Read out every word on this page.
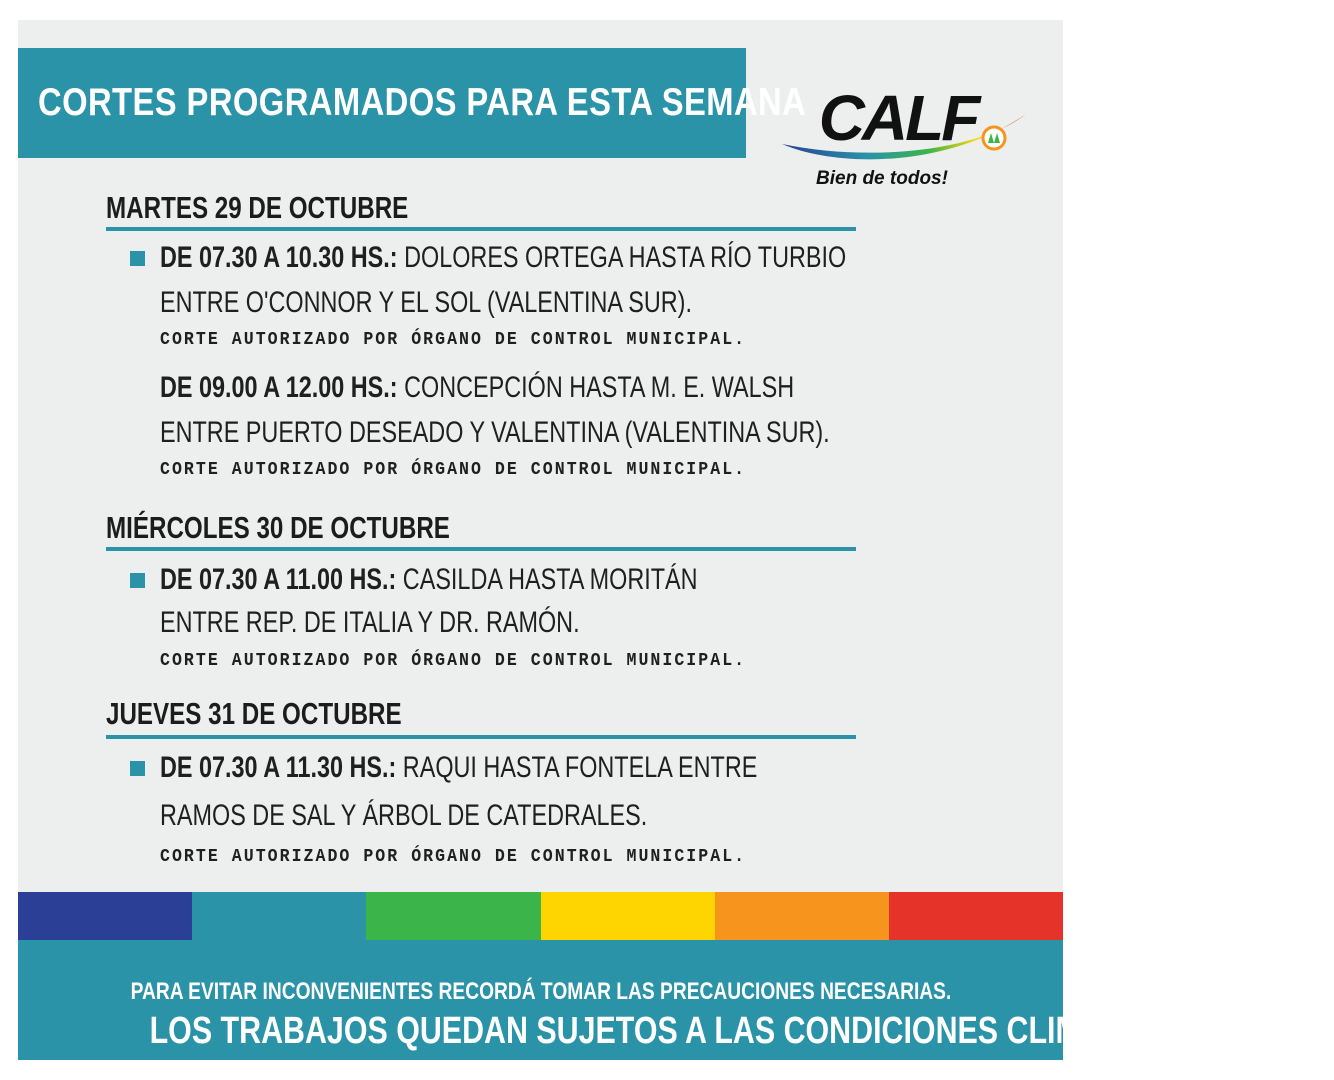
CORTES PROGRAMADOS PARA ESTA SEMANA CALF
Bien de todos!
MARTES 29 DE OCTUBRE
DE 07.30 A 10.30 HS.: DOLORES ORTEGA HASTA RÍO TURBIO
ENTRE O'CONNOR Y EL SOL (VALENTINA SUR).
CORTE AUTORIZADO POR ÓRGANO DE CONTROL MUNICIPAL.
DE 09.00 A 12.00 HS.: CONCEPCIÓN HASTA M. E. WALSH
ENTRE PUERTO DESEADO Y VALENTINA (VALENTINA SUR).
CORTE AUTORIZADO POR ÓRGANO DE CONTROL MUNICIPAL.
MIÉRCOLES 30 DE OCTUBRE
DE 07.30 A 11.00 HS.: CASILDA HASTA MORITÁN
ENTRE REP. DE ITALIA Y DR. RAMÓN.
CORTE AUTORIZADO POR ÓRGANO DE CONTROL MUNICIPAL.
JUEVES 31 DE OCTUBRE
DE 07.30 A 11.30 HS.: RAQUI HASTA FONTELA ENTRE
RAMOS DE SAL Y ÁRBOL DE CATEDRALES.
CORTE AUTORIZADO POR ÓRGANO DE CONTROL MUNICIPAL.
PARA EVITAR INCONVENIENTES RECORDÁ TOMAR LAS PRECAUCIONES NECESARIAS.
LOS TRABAJOS QUEDAN SUJETOS A LAS CONDICIONES CLIMÁTICAS.
